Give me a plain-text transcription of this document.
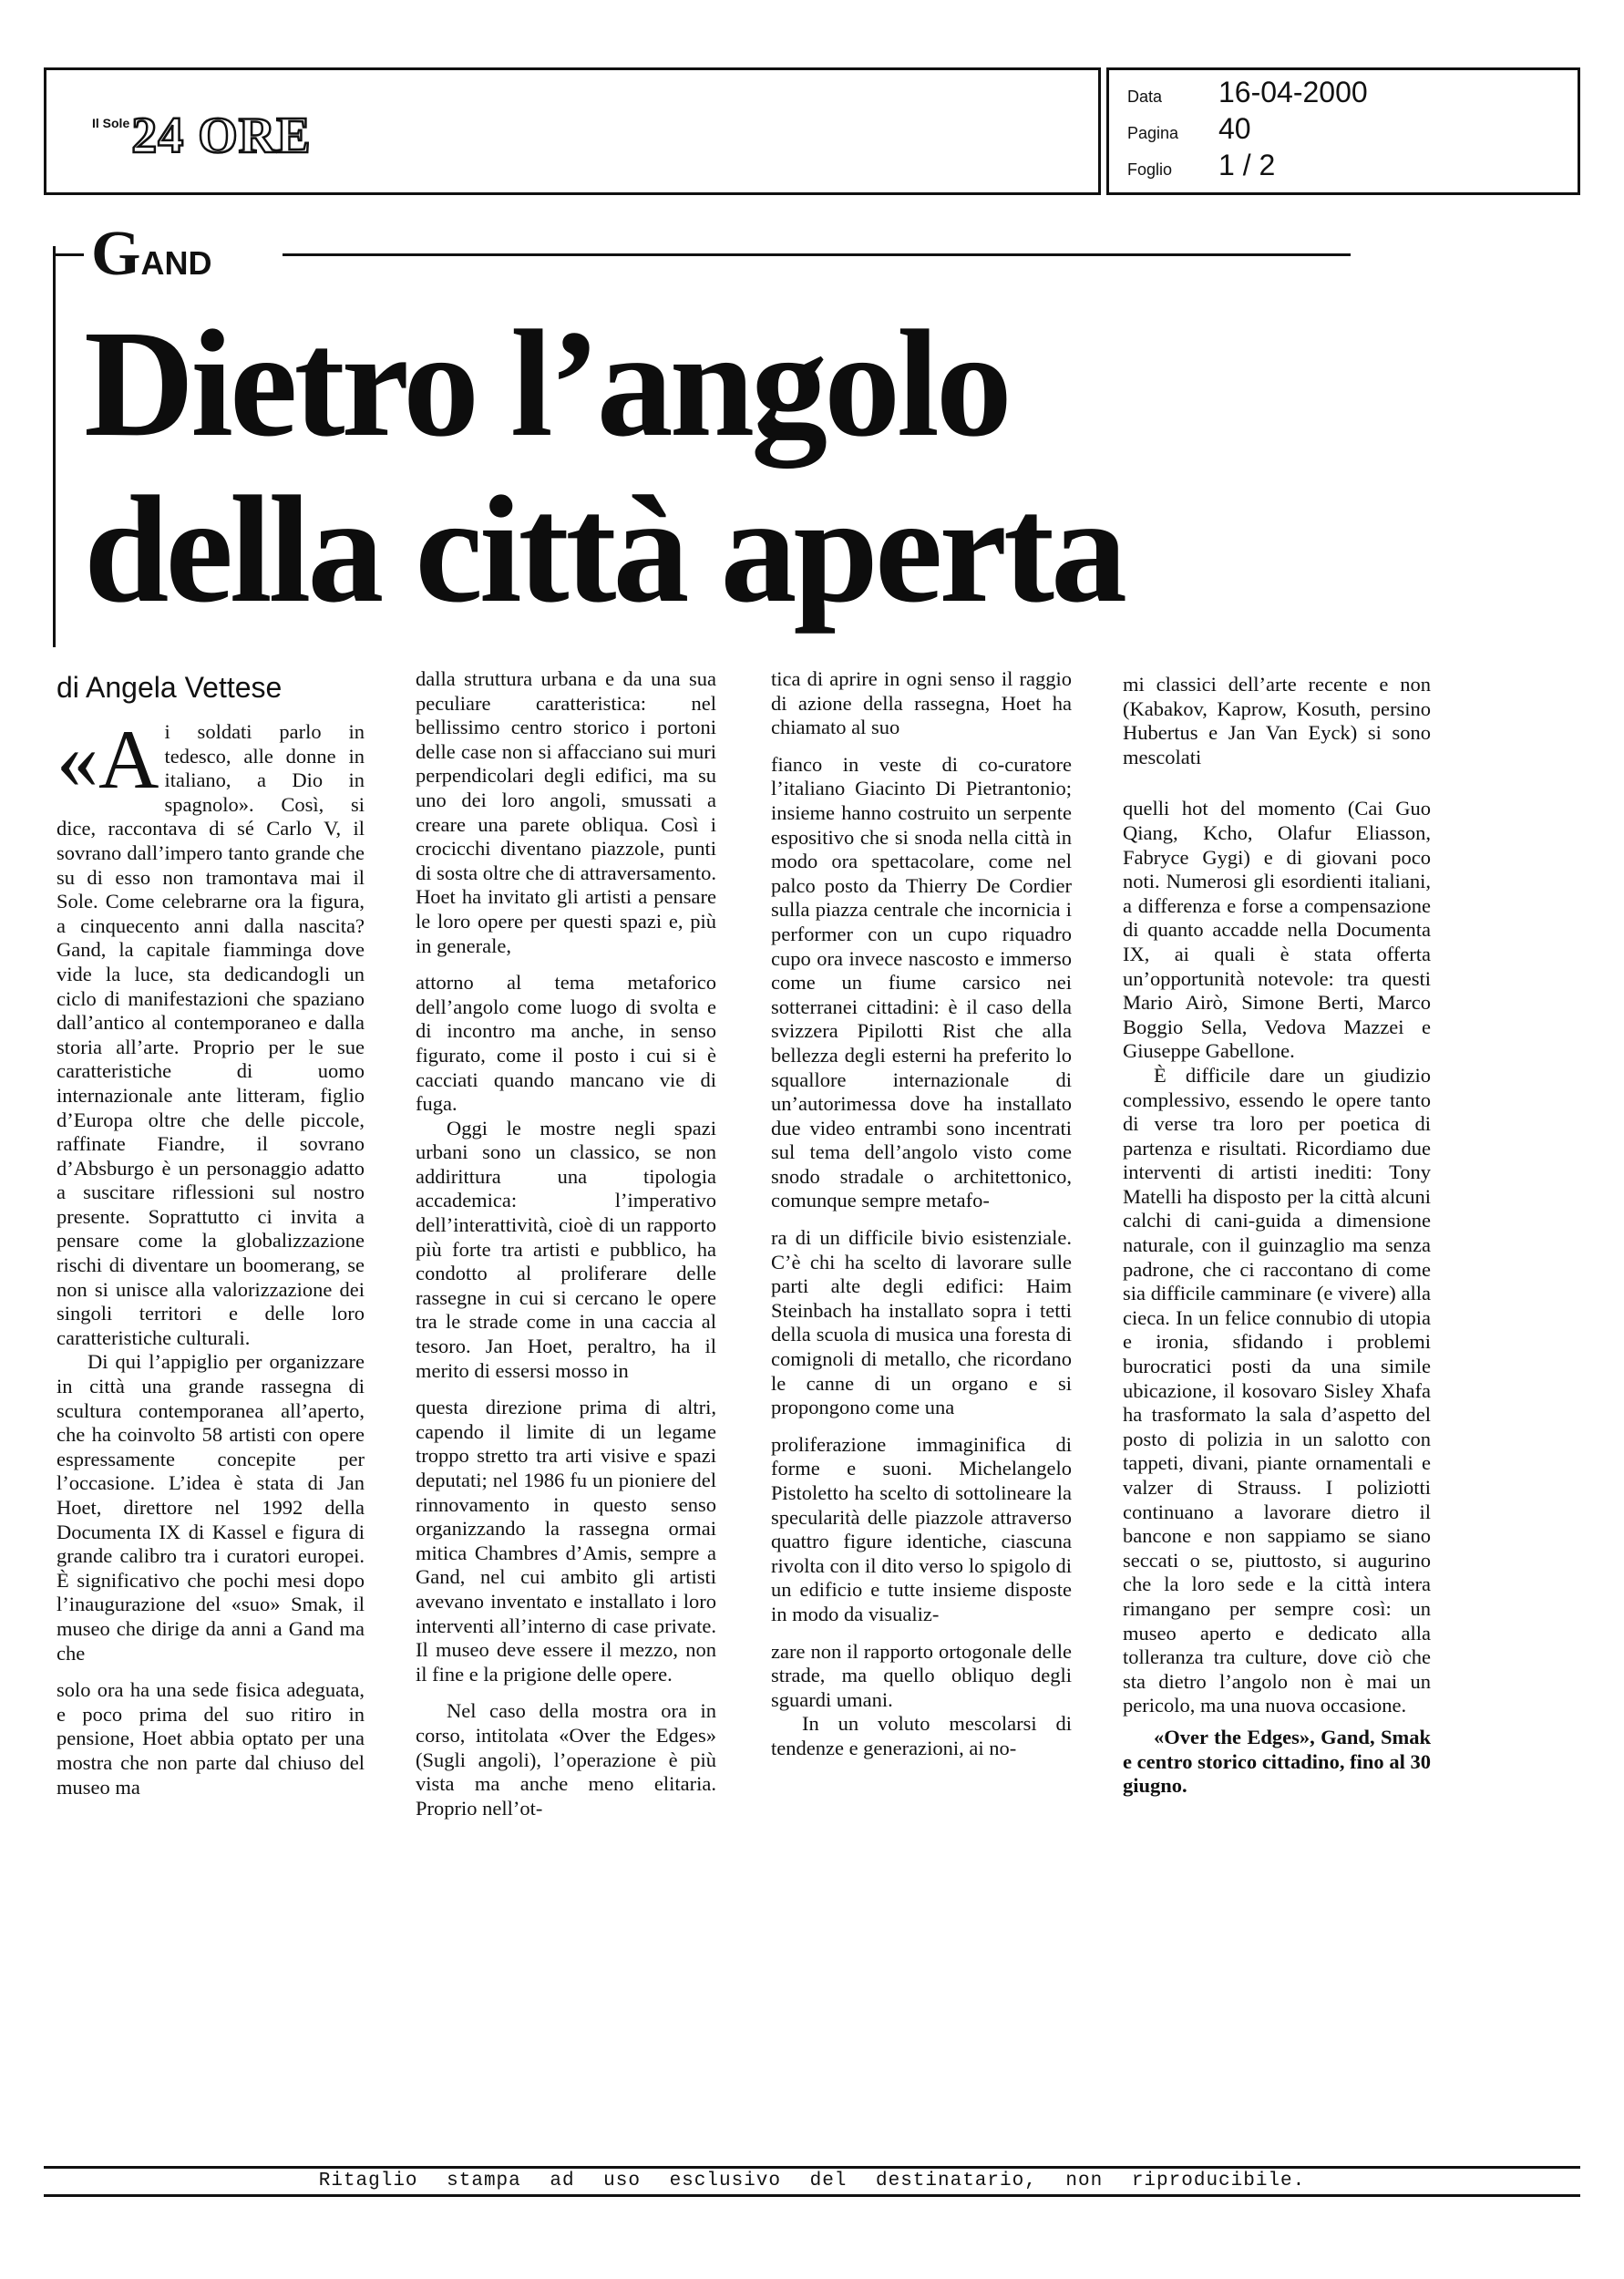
Il Sole 24 ORE
Data	16-04-2000
Pagina	40
Foglio	1 / 2
GAND
Dietro l’angolo
della città aperta
di Angela Vettese

«Ai soldati parlo in tedesco, alle donne in italiano, a Dio in spagnolo». Così, si dice, raccontava di sé Carlo V, il sovrano dall’impero tanto grande che su di esso non tramontava mai il Sole. Come celebrarne ora la figura, a cinquecento anni dalla nascita? Gand, la capitale fiamminga dove vide la luce, sta dedicandogli un ciclo di manifestazioni che spaziano dall’antico al contemporaneo e dalla storia all’arte. Proprio per le sue caratteristiche di uomo internazionale ante litteram, figlio d’Europa oltre che delle piccole, raffinate Fiandre, il sovrano d’Absburgo è un personaggio adatto a suscitare riflessioni sul nostro presente. Soprattutto ci invita a pensare come la globalizzazione rischi di diventare un boomerang, se non si unisce alla valorizzazione dei singoli territori e delle loro caratteristiche culturali.

Di qui l’appiglio per organizzare in città una grande rassegna di scultura contemporanea all’aperto, che ha coinvolto 58 artisti con opere espressamente concepite per l’occasione. L’idea è stata di Jan Hoet, direttore nel 1992 della Documenta IX di Kassel e figura di grande calibro tra i curatori europei. È significativo che pochi mesi dopo l’inaugurazione del «suo» Smak, il museo che dirige da anni a Gand ma che

solo ora ha una sede fisica adeguata, e poco prima del suo ritiro in pensione, Hoet abbia optato per una mostra che non parte dal chiuso del museo ma

dalla struttura urbana e da una sua peculiare caratteristica: nel bellissimo centro storico i portoni delle case non si affacciano sui muri perpendicolari degli edifici, ma su uno dei loro angoli, smussati a creare una parete obliqua. Così i crocicchi diventano piazzole, punti di sosta oltre che di attraversamento. Hoet ha invitato gli artisti a pensare le loro opere per questi spazi e, più in generale,

attorno al tema metaforico dell’angolo come luogo di svolta e di incontro ma anche, in senso figurato, come il posto i cui si è cacciati quando mancano vie di fuga.

Oggi le mostre negli spazi urbani sono un classico, se non addirittura una tipologia accademica: l’imperativo dell’interattività, cioè di un rapporto più forte tra artisti e pubblico, ha condotto al proliferare delle rassegne in cui si cercano le opere tra le strade come in una caccia al tesoro. Jan Hoet, peraltro, ha il merito di essersi mosso in

questa direzione prima di altri, capendo il limite di un legame troppo stretto tra arti visive e spazi deputati; nel 1986 fu un pioniere del rinnovamento in questo senso organizzando la rassegna ormai mitica Chambres d’Amis, sempre a Gand, nel cui ambito gli artisti avevano inventato e installato i loro interventi all’interno di case private. Il museo deve essere il mezzo, non il fine e la prigione delle opere.

Nel caso della mostra ora in corso, intitolata «Over the Edges» (Sugli angoli), l’operazione è più vista ma anche meno elitaria. Proprio nell’ot-

tica di aprire in ogni senso il raggio di azione della rassegna, Hoet ha chiamato al suo

fianco in veste di co-curatore l’italiano Giacinto Di Pietrantonio; insieme hanno costruito un serpente espositivo che si snoda nella città in modo ora spettacolare, come nel palco posto da Thierry De Cordier sulla piazza centrale che incornicia i performer con un cupo riquadro cupo ora invece nascosto e immerso come un fiume carsico nei sotterranei cittadini: è il caso della svizzera Pipilotti Rist che alla bellezza degli esterni ha preferito lo squallore internazionale di un’autorimessa dove ha installato due video entrambi sono incentrati sul tema dell’angolo visto come snodo stradale o architettonico, comunque sempre metafo-

ra di un difficile bivio esistenziale. C’è chi ha scelto di lavorare sulle parti alte degli edifici: Haim Steinbach ha installato sopra i tetti della scuola di musica una foresta di comignoli di metallo, che ricordano le canne di un organo e si propongono come una

proliferazione immaginifica di forme e suoni. Michelangelo Pistoletto ha scelto di sottolineare la specularità delle piazzole attraverso quattro figure identiche, ciascuna rivolta con il dito verso lo spigolo di un edificio e tutte insieme disposte in modo da visualiz-

zare non il rapporto ortogonale delle strade, ma quello obliquo degli sguardi umani.

In un voluto mescolarsi di tendenze e generazioni, ai no-

mi classici dell’arte recente e non (Kabakov, Kaprow, Kosuth, persino Hubertus e Jan Van Eyck) si sono mescolati

quelli hot del momento (Cai Guo Qiang, Kcho, Olafur Eliasson, Fabryce Gygi) e di giovani poco noti. Numerosi gli esordienti italiani, a differenza e forse a compensazione di quanto accadde nella Documenta IX, ai quali è stata offerta un’opportunità notevole: tra questi Mario Airò, Simone Berti, Marco Boggio Sella, Vedova Mazzei e Giuseppe Gabellone.

È difficile dare un giudizio complessivo, essendo le opere tanto di verse tra loro per poetica di partenza e risultati. Ricordiamo due interventi di artisti inediti: Tony Matelli ha disposto per la città alcuni calchi di cani-guida a dimensione naturale, con il guinzaglio ma senza padrone, che ci raccontano di come sia difficile camminare (e vivere) alla cieca. In un felice connubio di utopia e ironia, sfidando i problemi burocratici posti da una simile ubicazione, il kosovaro Sisley Xhafa ha trasformato la sala d’aspetto del posto di polizia in un salotto con tappeti, divani, piante ornamentali e valzer di Strauss. I poliziotti continuano a lavorare dietro il bancone e non sappiamo se siano seccati o se, piuttosto, si augurino che la loro sede e la città intera rimangano per sempre così: un museo aperto e dedicato alla tolleranza tra culture, dove ciò che sta dietro l’angolo non è mai un pericolo, ma una nuova occasione.

«Over the Edges», Gand, Smak e centro storico cittadino, fino al 30 giugno.

Ritaglio stampa ad uso esclusivo del destinatario, non riproducibile.
